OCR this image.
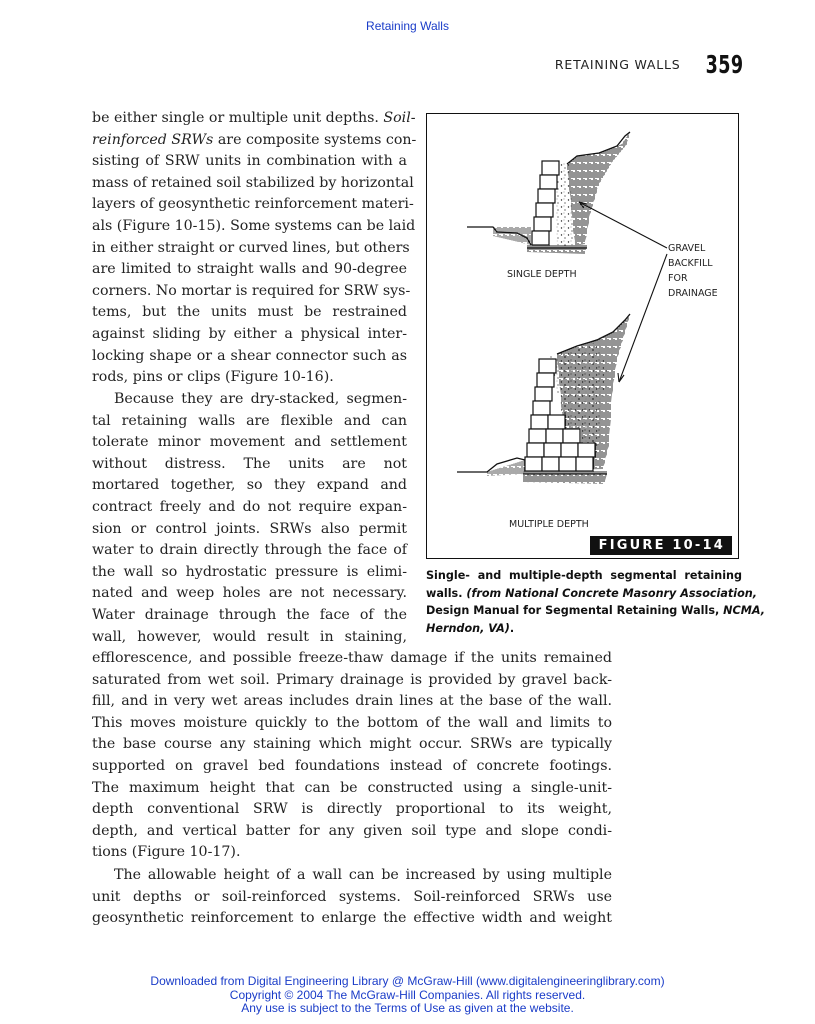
Retaining Walls
RETAINING WALLS 359
be either single or multiple unit depths. Soil-
reinforced SRWs are composite systems con-
sisting of SRW units in combination with a
mass of retained soil stabilized by horizontal
layers of geosynthetic reinforcement materi-
als (Figure 10-15). Some systems can be laid
in either straight or curved lines, but others
are limited to straight walls and 90-degree
corners. No mortar is required for SRW sys-
tems, but the units must be restrained
against sliding by either a physical inter-
locking shape or a shear connector such as
rods, pins or clips (Figure 10-16).
Because they are dry-stacked, segmen-
tal retaining walls are flexible and can
tolerate minor movement and settlement
without distress. The units are not
mortared together, so they expand and
contract freely and do not require expan-
sion or control joints. SRWs also permit
water to drain directly through the face of
the wall so hydrostatic pressure is elimi-
nated and weep holes are not necessary.
Water drainage through the face of the
wall, however, would result in staining,
efflorescence, and possible freeze-thaw damage if the units remained
saturated from wet soil. Primary drainage is provided by gravel back-
fill, and in very wet areas includes drain lines at the base of the wall.
This moves moisture quickly to the bottom of the wall and limits to
the base course any staining which might occur. SRWs are typically
supported on gravel bed foundations instead of concrete footings.
The maximum height that can be constructed using a single-unit-
depth conventional SRW is directly proportional to its weight,
depth, and vertical batter for any given soil type and slope condi-
tions (Figure 10-17).
The allowable height of a wall can be increased by using multiple
unit depths or soil-reinforced systems. Soil-reinforced SRWs use
geosynthetic reinforcement to enlarge the effective width and weight
SINGLE DEPTH
MULTIPLE DEPTH
GRAVEL
BACKFILL
FOR
DRAINAGE
FIGURE 10-14
Single- and multiple-depth segmental retaining
walls. (from National Concrete Masonry Association,
Design Manual for Segmental Retaining Walls, NCMA,
Herndon, VA).
Downloaded from Digital Engineering Library @ McGraw-Hill (www.digitalengineeringlibrary.com)
Copyright © 2004 The McGraw-Hill Companies. All rights reserved.
Any use is subject to the Terms of Use as given at the website.
